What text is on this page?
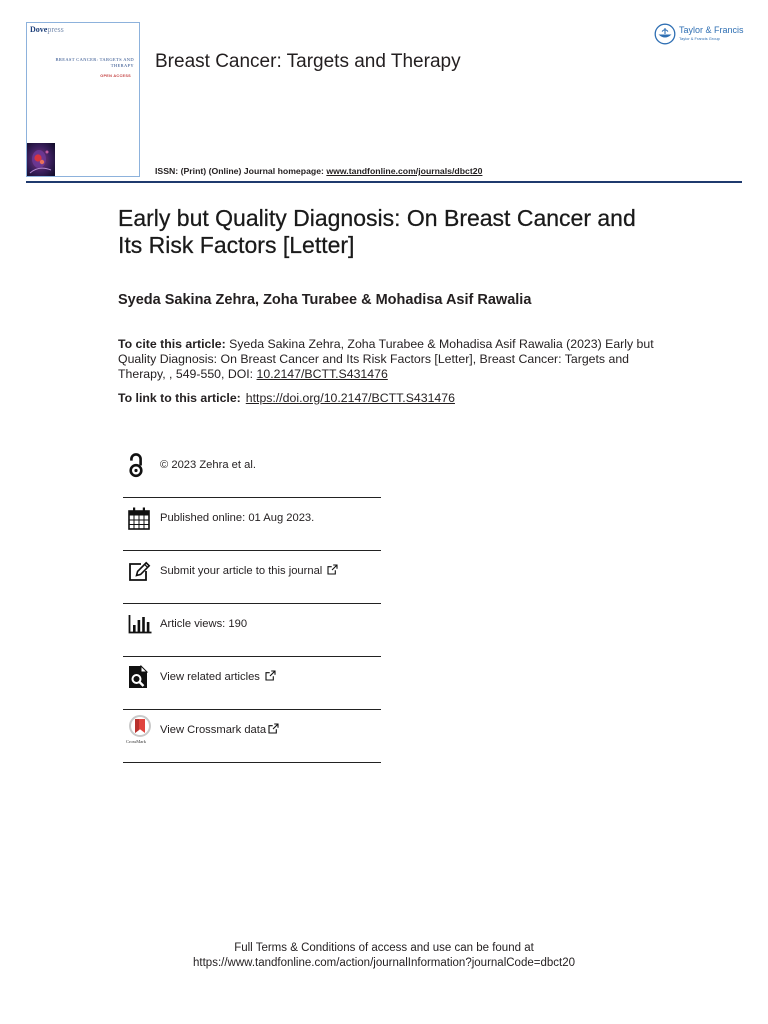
Dovepress
BREAST CANCER: TARGETS AND
THERAPY
OPEN ACCESS
Breast Cancer: Targets and Therapy
ISSN: (Print) (Online) Journal homepage: www.tandfonline.com/journals/dbct20
Taylor & Francis
Taylor & Francis Group
Early but Quality Diagnosis: On Breast Cancer and
Its Risk Factors [Letter]
Syeda Sakina Zehra, Zoha Turabee & Mohadisa Asif Rawalia
To cite this article: Syeda Sakina Zehra, Zoha Turabee & Mohadisa Asif Rawalia (2023) Early but
Quality Diagnosis: On Breast Cancer and Its Risk Factors [Letter], Breast Cancer: Targets and
Therapy, , 549-550, DOI: 10.2147/BCTT.S431476
To link to this article: https://doi.org/10.2147/BCTT.S431476
© 2023 Zehra et al.
Published online: 01 Aug 2023.
Submit your article to this journal
Article views: 190
View related articles
CrossMark
View Crossmark data
Full Terms & Conditions of access and use can be found at
https://www.tandfonline.com/action/journalInformation?journalCode=dbct20
